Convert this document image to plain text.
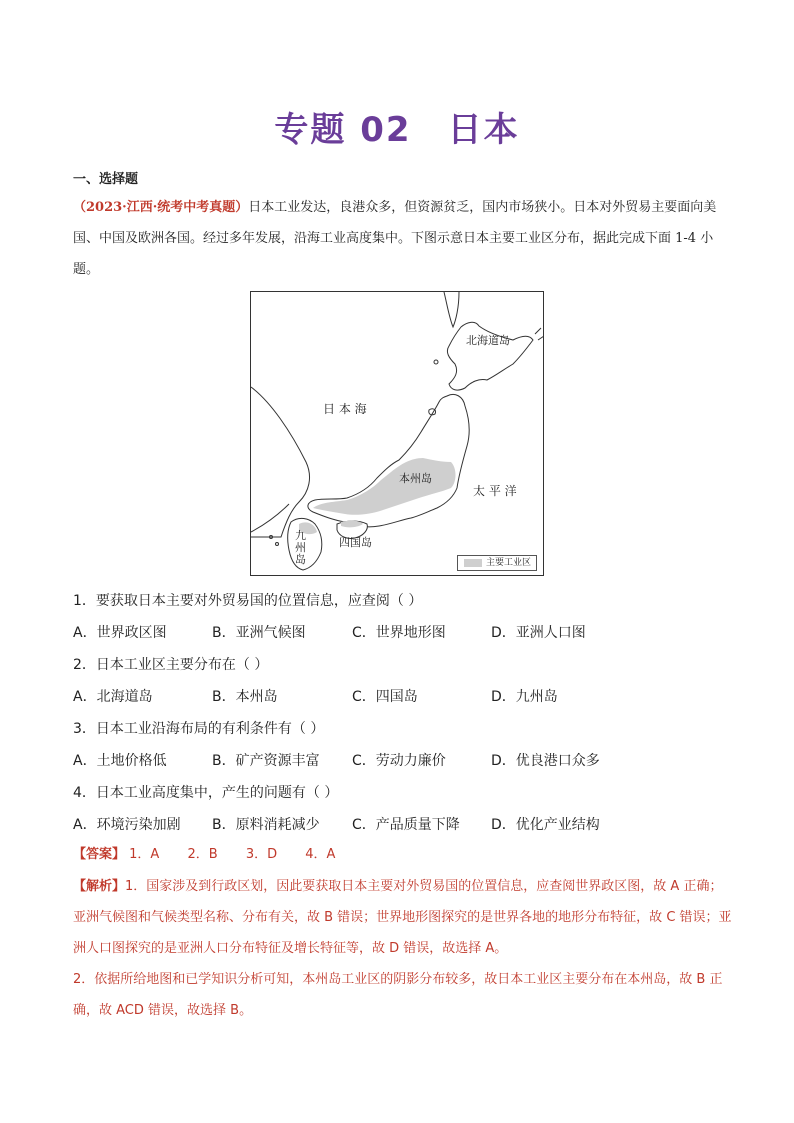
专题 02 日本
一、选择题
（2023·江西·统考中考真题）日本工业发达，良港众多，但资源贫乏，国内市场狭小。日本对外贸易主要面向美国、中国及欧洲各国。经过多年发展，沿海工业高度集中。下图示意日本主要工业区分布，据此完成下面 1-4 小题。
北海道岛
日 本 海
本州岛
太 平 洋
九
州
岛
四国岛
主要工业区
1．要获取日本主要对外贸易国的位置信息，应查阅（ ）
A．世界政区图	B．亚洲气候图	C．世界地形图	D．亚洲人口图
2．日本工业区主要分布在（ ）
A．北海道岛	B．本州岛	C．四国岛	D．九州岛
3．日本工业沿海布局的有利条件有（ ）
A．土地价格低	B．矿产资源丰富 C．劳动力廉价	D．优良港口众多
4．日本工业高度集中，产生的问题有（ ）
A．环境污染加剧 B．原料消耗减少 C．产品质量下降 D．优化产业结构
【答案】 1．A 2．B 3．D 4．A

【解析】1．国家涉及到行政区划，因此要获取日本主要对外贸易国的位置信息，应查阅世界政区图，故 A 正确；亚洲气候图和气候类型名称、分布有关，故 B 错误；世界地形图探究的是世界各地的地形分布特征，故 C 错误；亚洲人口图探究的是亚洲人口分布特征及增长特征等，故 D 错误，故选择 A。

2．依据所给地图和已学知识分析可知，本州岛工业区的阴影分布较多，故日本工业区主要分布在本州岛，故 B 正确，故 ACD 错误，故选择 B。
